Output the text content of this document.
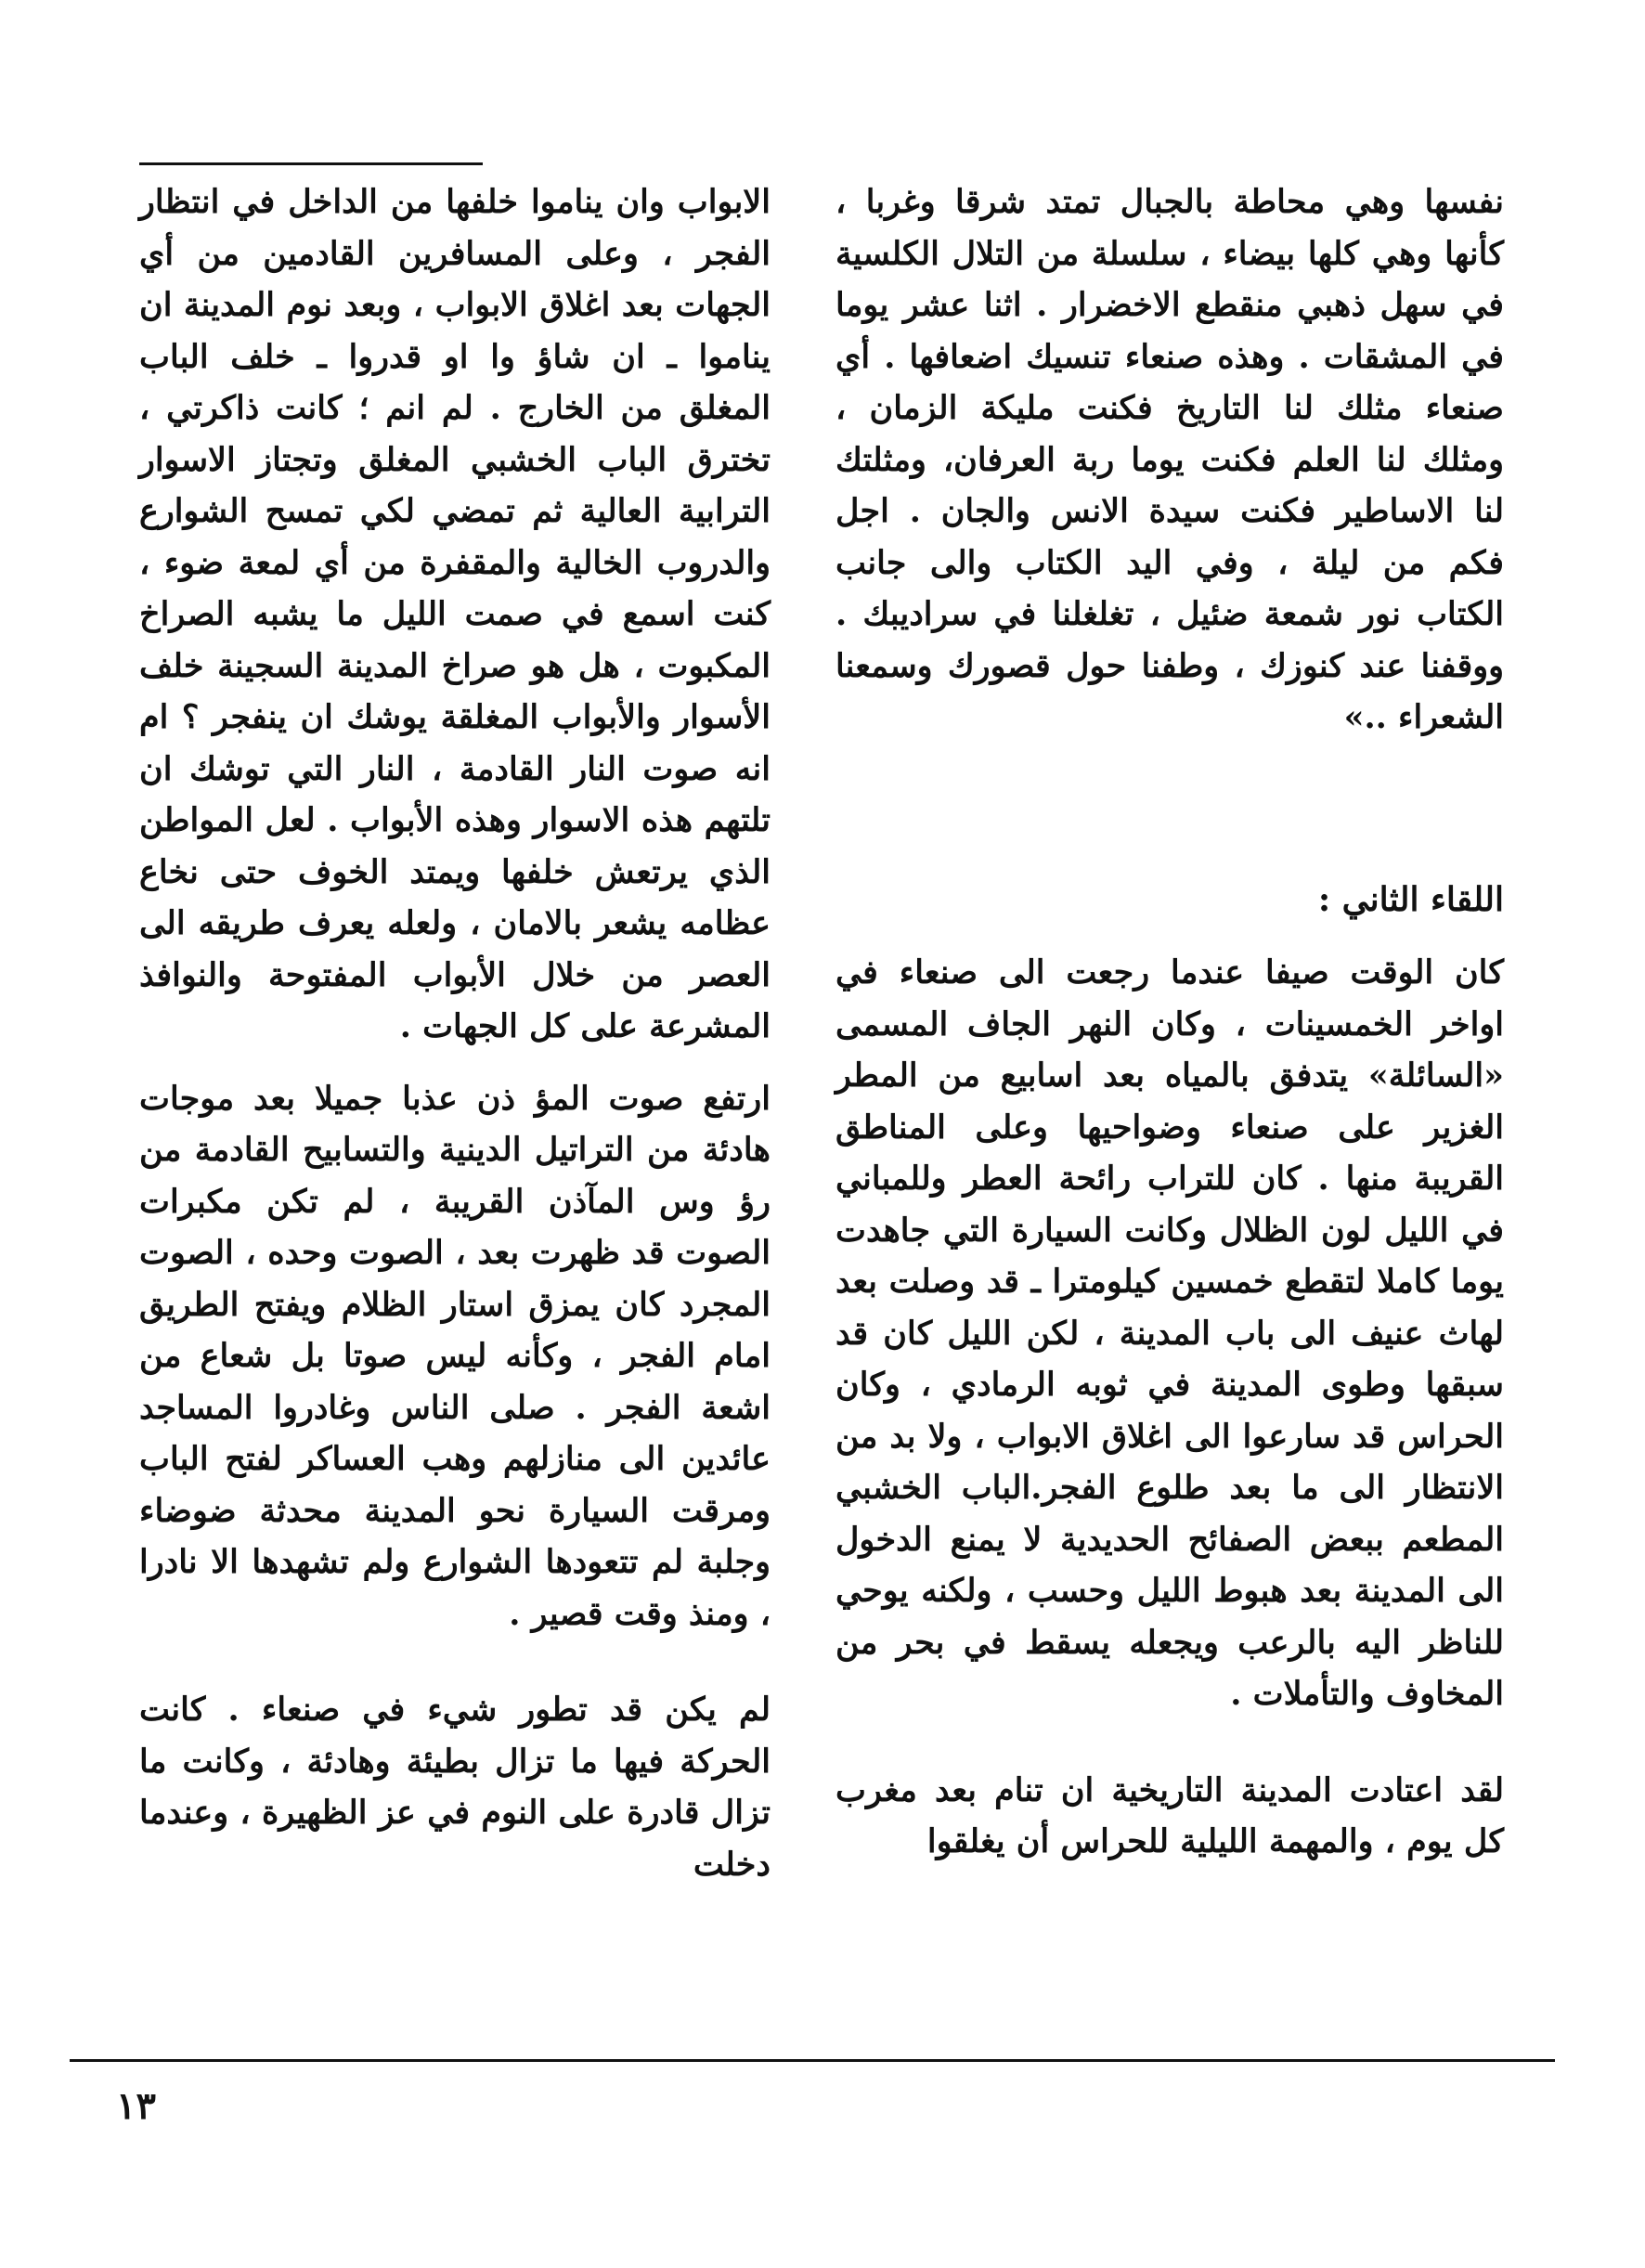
نفسها وهي محاطة بالجبال تمتد شرقا وغربا ، كأنها وهي كلها بيضاء ، سلسلة من التلال الكلسية في سهل ذهبي منقطع الاخضرار . اثنا عشر يوما في المشقات . وهذه صنعاء تنسيك اضعافها . أي صنعاء مثلك لنا التاريخ فكنت مليكة الزمان ، ومثلك لنا العلم فكنت يوما ربة العرفان، ومثلتك لنا الاساطير فكنت سيدة الانس والجان . اجل فكم من ليلة ، وفي اليد الكتاب والى جانب الكتاب نور شمعة ضئيل ، تغلغلنا في سراديبك . ووقفنا عند كنوزك ، وطفنا حول قصورك وسمعنا الشعراء ..»

اللقاء الثاني :

كان الوقت صيفا عندما رجعت الى صنعاء في اواخر الخمسينات ، وكان النهر الجاف المسمى «السائلة» يتدفق بالمياه بعد اسابيع من المطر الغزير على صنعاء وضواحيها وعلى المناطق القريبة منها . كان للتراب رائحة العطر وللمباني في الليل لون الظلال وكانت السيارة التي جاهدت يوما كاملا لتقطع خمسين كيلومترا ـ قد وصلت بعد لهاث عنيف الى باب المدينة ، لكن الليل كان قد سبقها وطوى المدينة في ثوبه الرمادي ، وكان الحراس قد سارعوا الى اغلاق الابواب ، ولا بد من الانتظار الى ما بعد طلوع الفجر.الباب الخشبي المطعم ببعض الصفائح الحديدية لا يمنع الدخول الى المدينة بعد هبوط الليل وحسب ، ولكنه يوحي للناظر اليه بالرعب ويجعله يسقط في بحر من المخاوف والتأملات .

لقد اعتادت المدينة التاريخية ان تنام بعد مغرب كل يوم ، والمهمة الليلية للحراس أن يغلقوا

الابواب وان يناموا خلفها من الداخل في انتظار الفجر ، وعلى المسافرين القادمين من أي الجهات بعد اغلاق الابواب ، وبعد نوم المدينة ان يناموا ـ ان شاؤ وا او قدروا ـ خلف الباب المغلق من الخارج . لم انم ؛ كانت ذاكرتي ، تخترق الباب الخشبي المغلق وتجتاز الاسوار الترابية العالية ثم تمضي لكي تمسح الشوارع والدروب الخالية والمقفرة من أي لمعة ضوء ، كنت اسمع في صمت الليل ما يشبه الصراخ المكبوت ، هل هو صراخ المدينة السجينة خلف الأسوار والأبواب المغلقة يوشك ان ينفجر ؟ ام انه صوت النار القادمة ، النار التي توشك ان تلتهم هذه الاسوار وهذه الأبواب . لعل المواطن الذي يرتعش خلفها ويمتد الخوف حتى نخاع عظامه يشعر بالامان ، ولعله يعرف طريقه الى العصر من خلال الأبواب المفتوحة والنوافذ المشرعة على كل الجهات .

ارتفع صوت المؤ ذن عذبا جميلا بعد موجات هادئة من التراتيل الدينية والتسابيح القادمة من رؤ وس المآذن القريبة ، لم تكن مكبرات الصوت قد ظهرت بعد ، الصوت وحده ، الصوت المجرد كان يمزق استار الظلام ويفتح الطريق امام الفجر ، وكأنه ليس صوتا بل شعاع من اشعة الفجر . صلى الناس وغادروا المساجد عائدين الى منازلهم وهب العساكر لفتح الباب ومرقت السيارة نحو المدينة محدثة ضوضاء وجلبة لم تتعودها الشوارع ولم تشهدها الا نادرا ، ومنذ وقت قصير .

لم يكن قد تطور شيء في صنعاء . كانت الحركة فيها ما تزال بطيئة وهادئة ، وكانت ما تزال قادرة على النوم في عز الظهيرة ، وعندما دخلت

١٣
